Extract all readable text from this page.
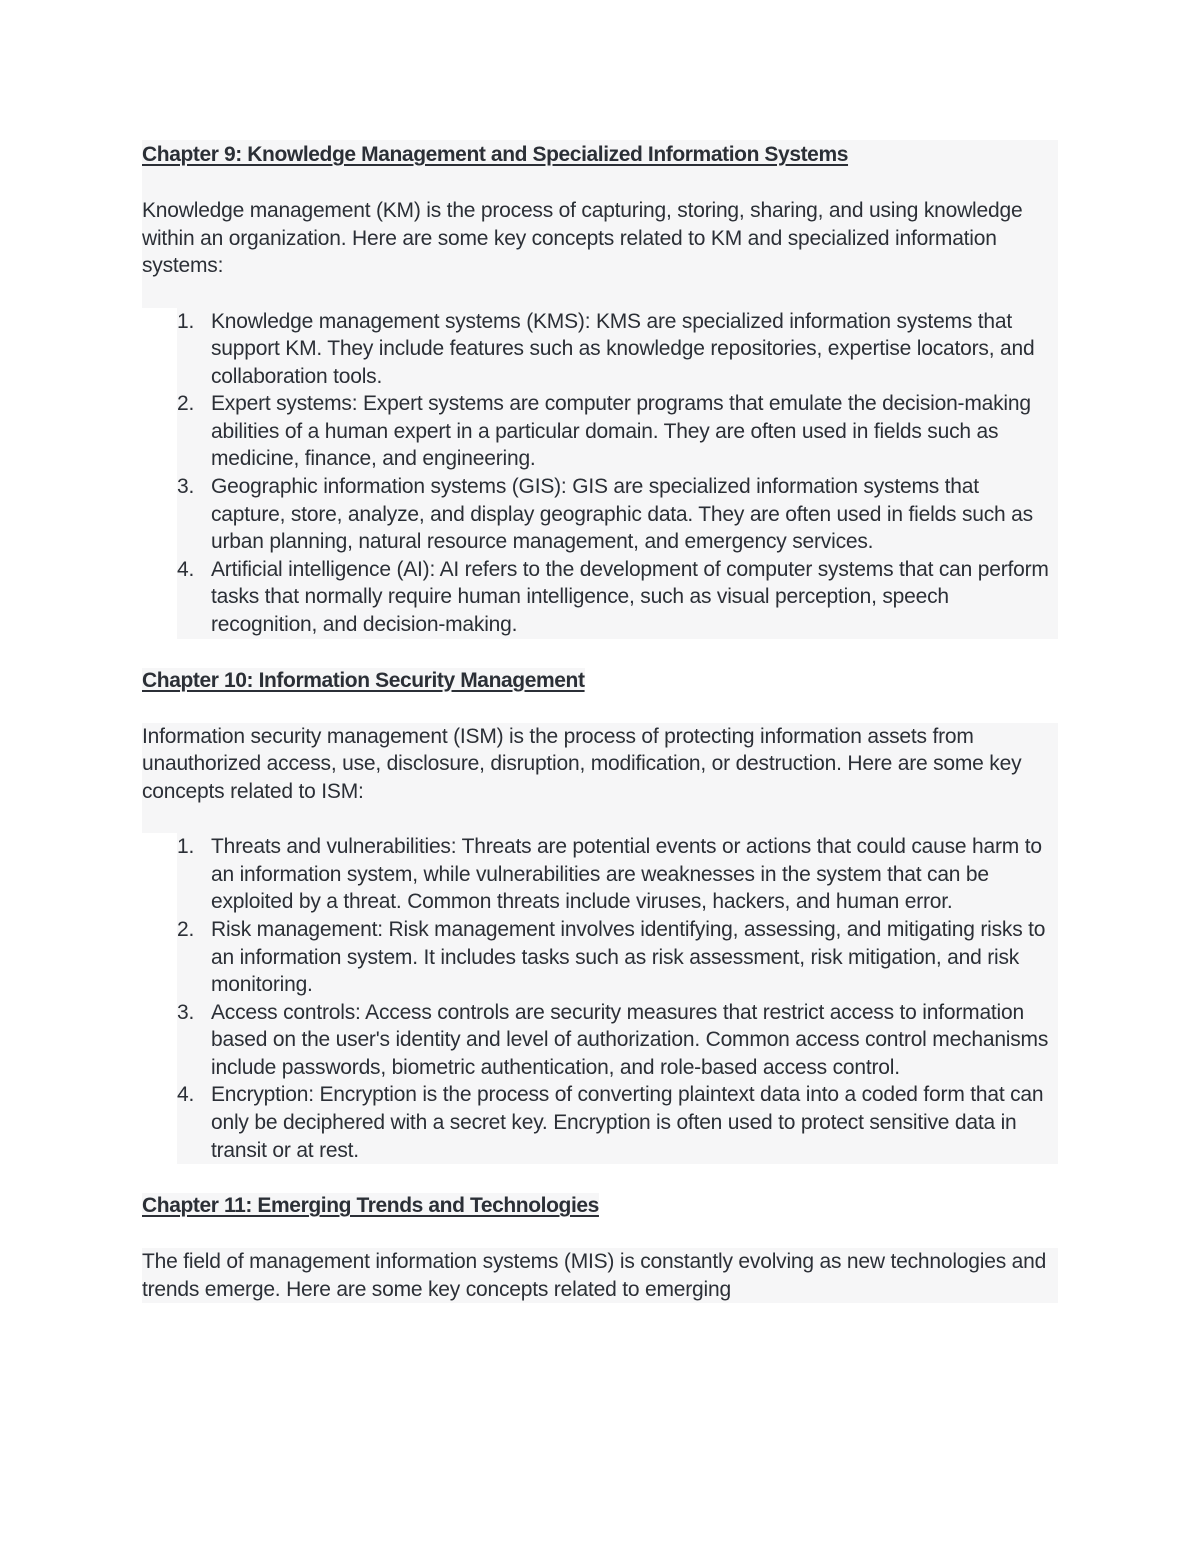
Chapter 9: Knowledge Management and Specialized Information Systems

Knowledge management (KM) is the process of capturing, storing, sharing, and using knowledge within an organization. Here are some key concepts related to KM and specialized information systems:

1. Knowledge management systems (KMS): KMS are specialized information systems that support KM. They include features such as knowledge repositories, expertise locators, and collaboration tools.
2. Expert systems: Expert systems are computer programs that emulate the decision-making abilities of a human expert in a particular domain. They are often used in fields such as medicine, finance, and engineering.
3. Geographic information systems (GIS): GIS are specialized information systems that capture, store, analyze, and display geographic data. They are often used in fields such as urban planning, natural resource management, and emergency services.
4. Artificial intelligence (AI): AI refers to the development of computer systems that can perform tasks that normally require human intelligence, such as visual perception, speech recognition, and decision-making.
Chapter 10: Information Security Management

Information security management (ISM) is the process of protecting information assets from unauthorized access, use, disclosure, disruption, modification, or destruction. Here are some key concepts related to ISM:

1. Threats and vulnerabilities: Threats are potential events or actions that could cause harm to an information system, while vulnerabilities are weaknesses in the system that can be exploited by a threat. Common threats include viruses, hackers, and human error.
2. Risk management: Risk management involves identifying, assessing, and mitigating risks to an information system. It includes tasks such as risk assessment, risk mitigation, and risk monitoring.
3. Access controls: Access controls are security measures that restrict access to information based on the user's identity and level of authorization. Common access control mechanisms include passwords, biometric authentication, and role-based access control.
4. Encryption: Encryption is the process of converting plaintext data into a coded form that can only be deciphered with a secret key. Encryption is often used to protect sensitive data in transit or at rest.
Chapter 11: Emerging Trends and Technologies

The field of management information systems (MIS) is constantly evolving as new technologies and trends emerge. Here are some key concepts related to emerging
